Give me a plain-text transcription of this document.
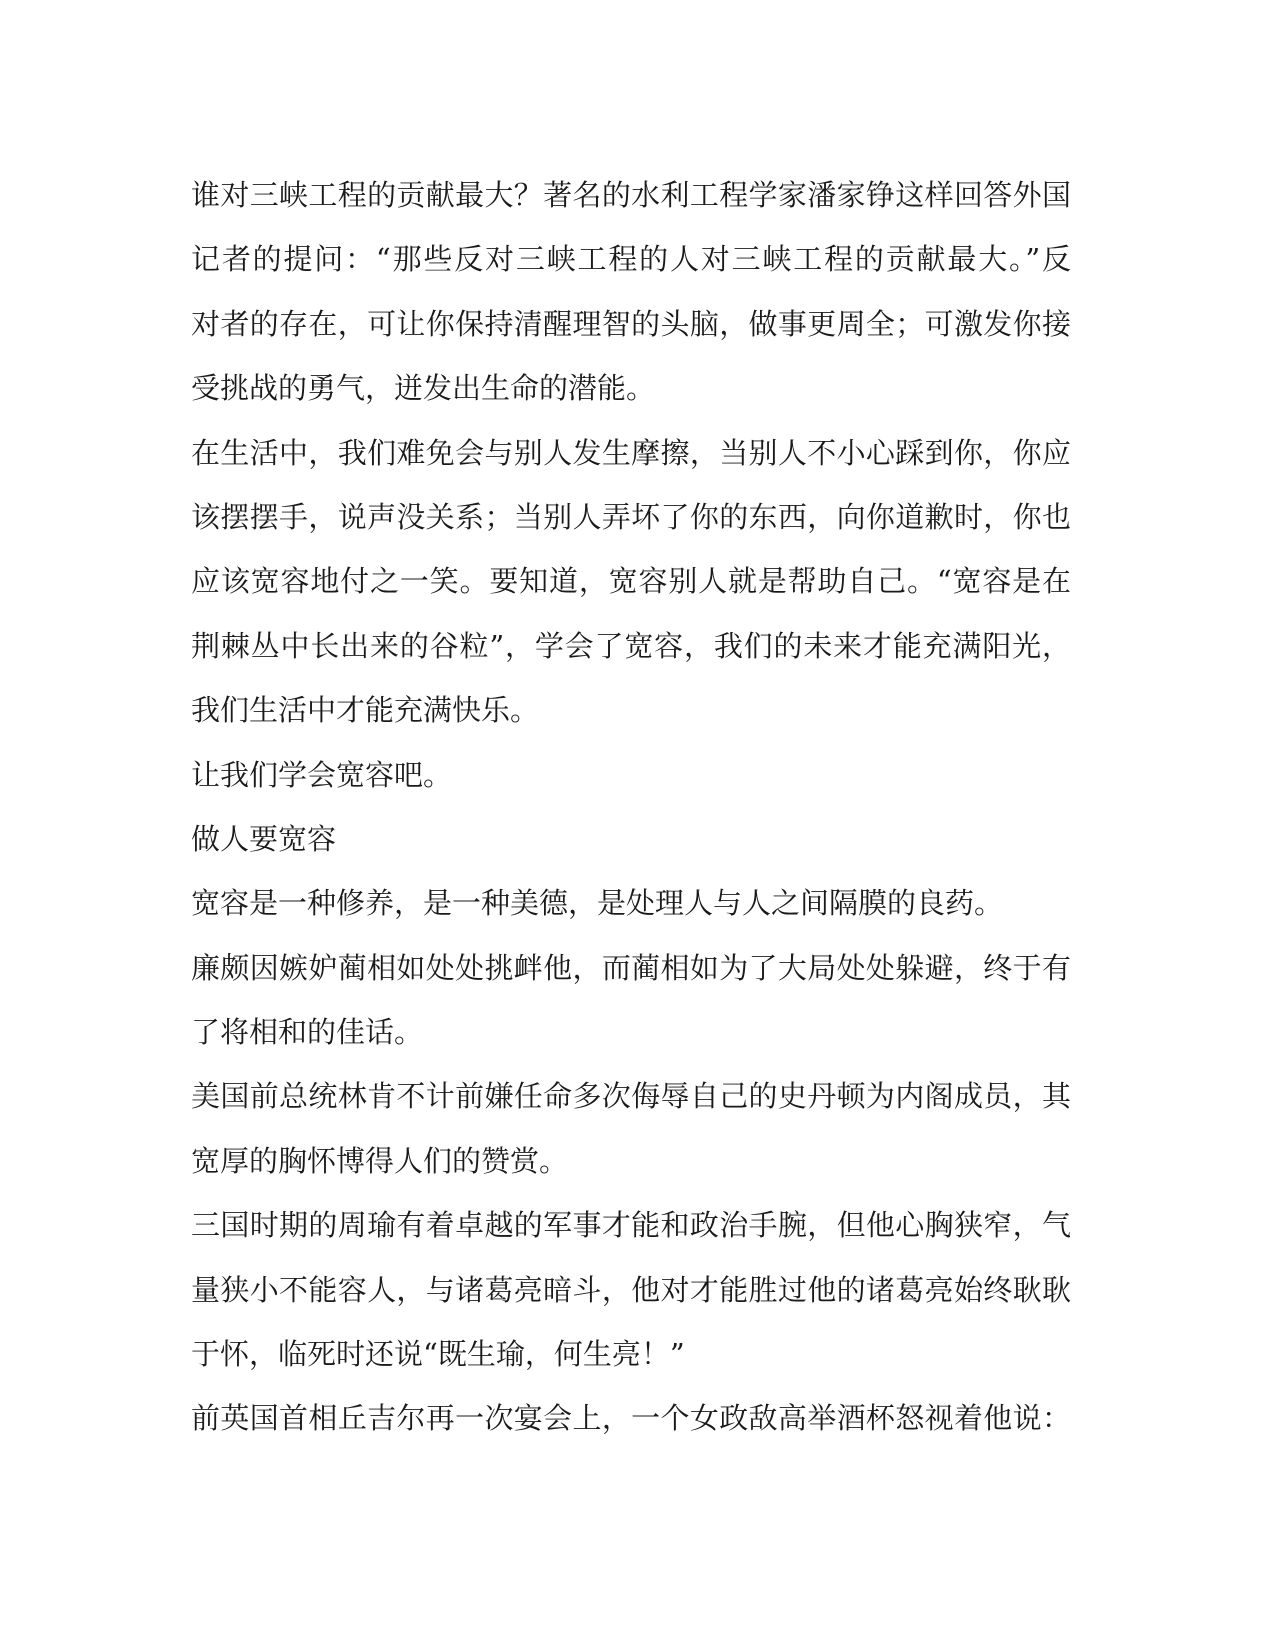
谁对三峡工程的贡献最大？著名的水利工程学家潘家铮这样回答外国
记者的提问：“那些反对三峡工程的人对三峡工程的贡献最大。”反
对者的存在，可让你保持清醒理智的头脑，做事更周全；可激发你接
受挑战的勇气，迸发出生命的潜能。
在生活中，我们难免会与别人发生摩擦，当别人不小心踩到你，你应
该摆摆手，说声没关系；当别人弄坏了你的东西，向你道歉时，你也
应该宽容地付之一笑。要知道，宽容别人就是帮助自己。“宽容是在
荆棘丛中长出来的谷粒”，学会了宽容，我们的未来才能充满阳光，
我们生活中才能充满快乐。
让我们学会宽容吧。
做人要宽容
宽容是一种修养，是一种美德，是处理人与人之间隔膜的良药。
廉颇因嫉妒蔺相如处处挑衅他，而蔺相如为了大局处处躲避，终于有
了将相和的佳话。
美国前总统林肯不计前嫌任命多次侮辱自己的史丹顿为内阁成员，其
宽厚的胸怀博得人们的赞赏。
三国时期的周瑜有着卓越的军事才能和政治手腕，但他心胸狭窄，气
量狭小不能容人，与诸葛亮暗斗，他对才能胜过他的诸葛亮始终耿耿
于怀，临死时还说“既生瑜，何生亮！”
前英国首相丘吉尔再一次宴会上，一个女政敌高举酒杯怒视着他说：
